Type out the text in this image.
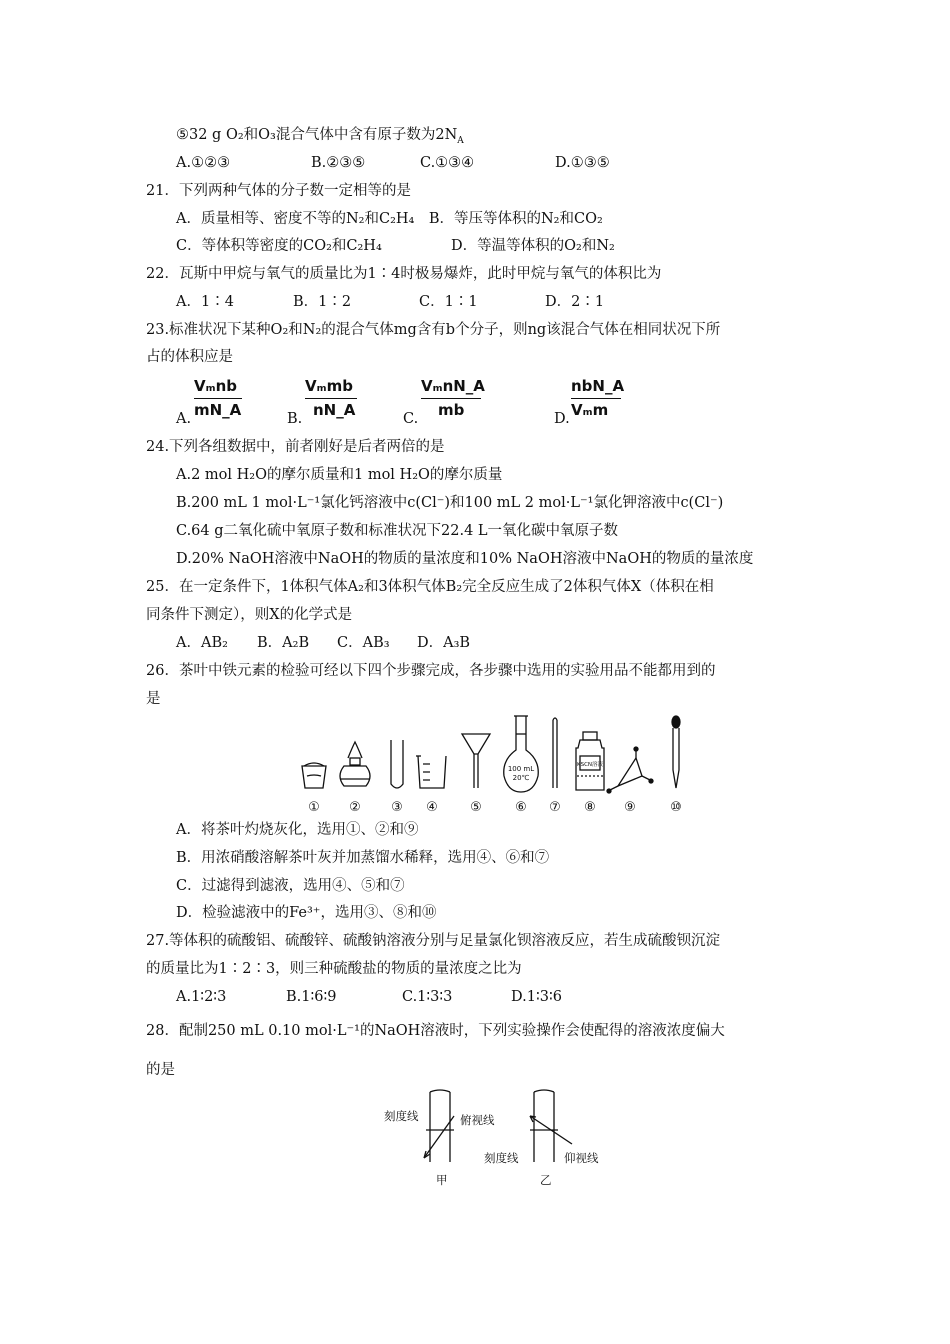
⑤32 g O₂和O₃混合气体中含有原子数为$2N_A$
A.①②③	B.②③⑤	C.①③④	D.①③⑤
21．下列两种气体的分子数一定相等的是
A．质量相等、密度不等的N₂和C₂H₄　B．等压等体积的N₂和CO₂
C．等体积等密度的CO₂和C₂H₄	D．等温等体积的O₂和N₂
22．瓦斯中甲烷与氧气的质量比为1∶4时极易爆炸，此时甲烷与氧气的体积比为
A．1∶4	B．1∶2	C．1∶1	D．2∶1
23.标准状况下某种O₂和N₂的混合气体mg含有b个分子，则ng该混合气体在相同状况下所
占的体积应是
A.
Vₘnb
mN_A	B.
Vₘmb
nN_A	C.
VₘnN_A
mb	D.
nbN_A
Vₘm
24.下列各组数据中，前者刚好是后者两倍的是
A.2 mol H₂O的摩尔质量和1 mol H₂O的摩尔质量
B.200 mL 1 mol·L⁻¹氯化钙溶液中c(Cl⁻)和100 mL 2 mol·L⁻¹氯化钾溶液中c(Cl⁻)
C.64 g二氧化硫中氧原子数和标准状况下22.4 L一氧化碳中氧原子数
D.20% NaOH溶液中NaOH的物质的量浓度和10% NaOH溶液中NaOH的物质的量浓度
25．在一定条件下，1体积气体A₂和3体积气体B₂完全反应生成了2体积气体X（体积在相
同条件下测定），则X的化学式是
A．AB₂ B．A₂B C．AB₃ D．A₃B
26．茶叶中铁元素的检验可经以下四个步骤完成，各步骤中选用的实验用品不能都用到的
是
100 mL
20℃
KSCN溶液
① ② ③ ④ ⑤	⑥ ⑦ ⑧ ⑨	⑩
A．将茶叶灼烧灰化，选用①、②和⑨
B．用浓硝酸溶解茶叶灰并加蒸馏水稀释，选用④、⑥和⑦
C．过滤得到滤液，选用④、⑤和⑦
D．检验滤液中的Fe³⁺，选用③、⑧和⑩
27.等体积的硫酸铝、硫酸锌、硫酸钠溶液分别与足量氯化钡溶液反应，若生成硫酸钡沉淀
的质量比为1∶2∶3，则三种硫酸盐的物质的量浓度之比为
A.1∶2∶3	B.1∶6∶9	C.1∶3∶3	D.1∶3∶6
28．配制250 mL 0.10 mol·L⁻¹的NaOH溶液时，下列实验操作会使配得的溶液浓度偏大
的是
刻度线	俯视线
甲
刻度线	仰视线
乙
